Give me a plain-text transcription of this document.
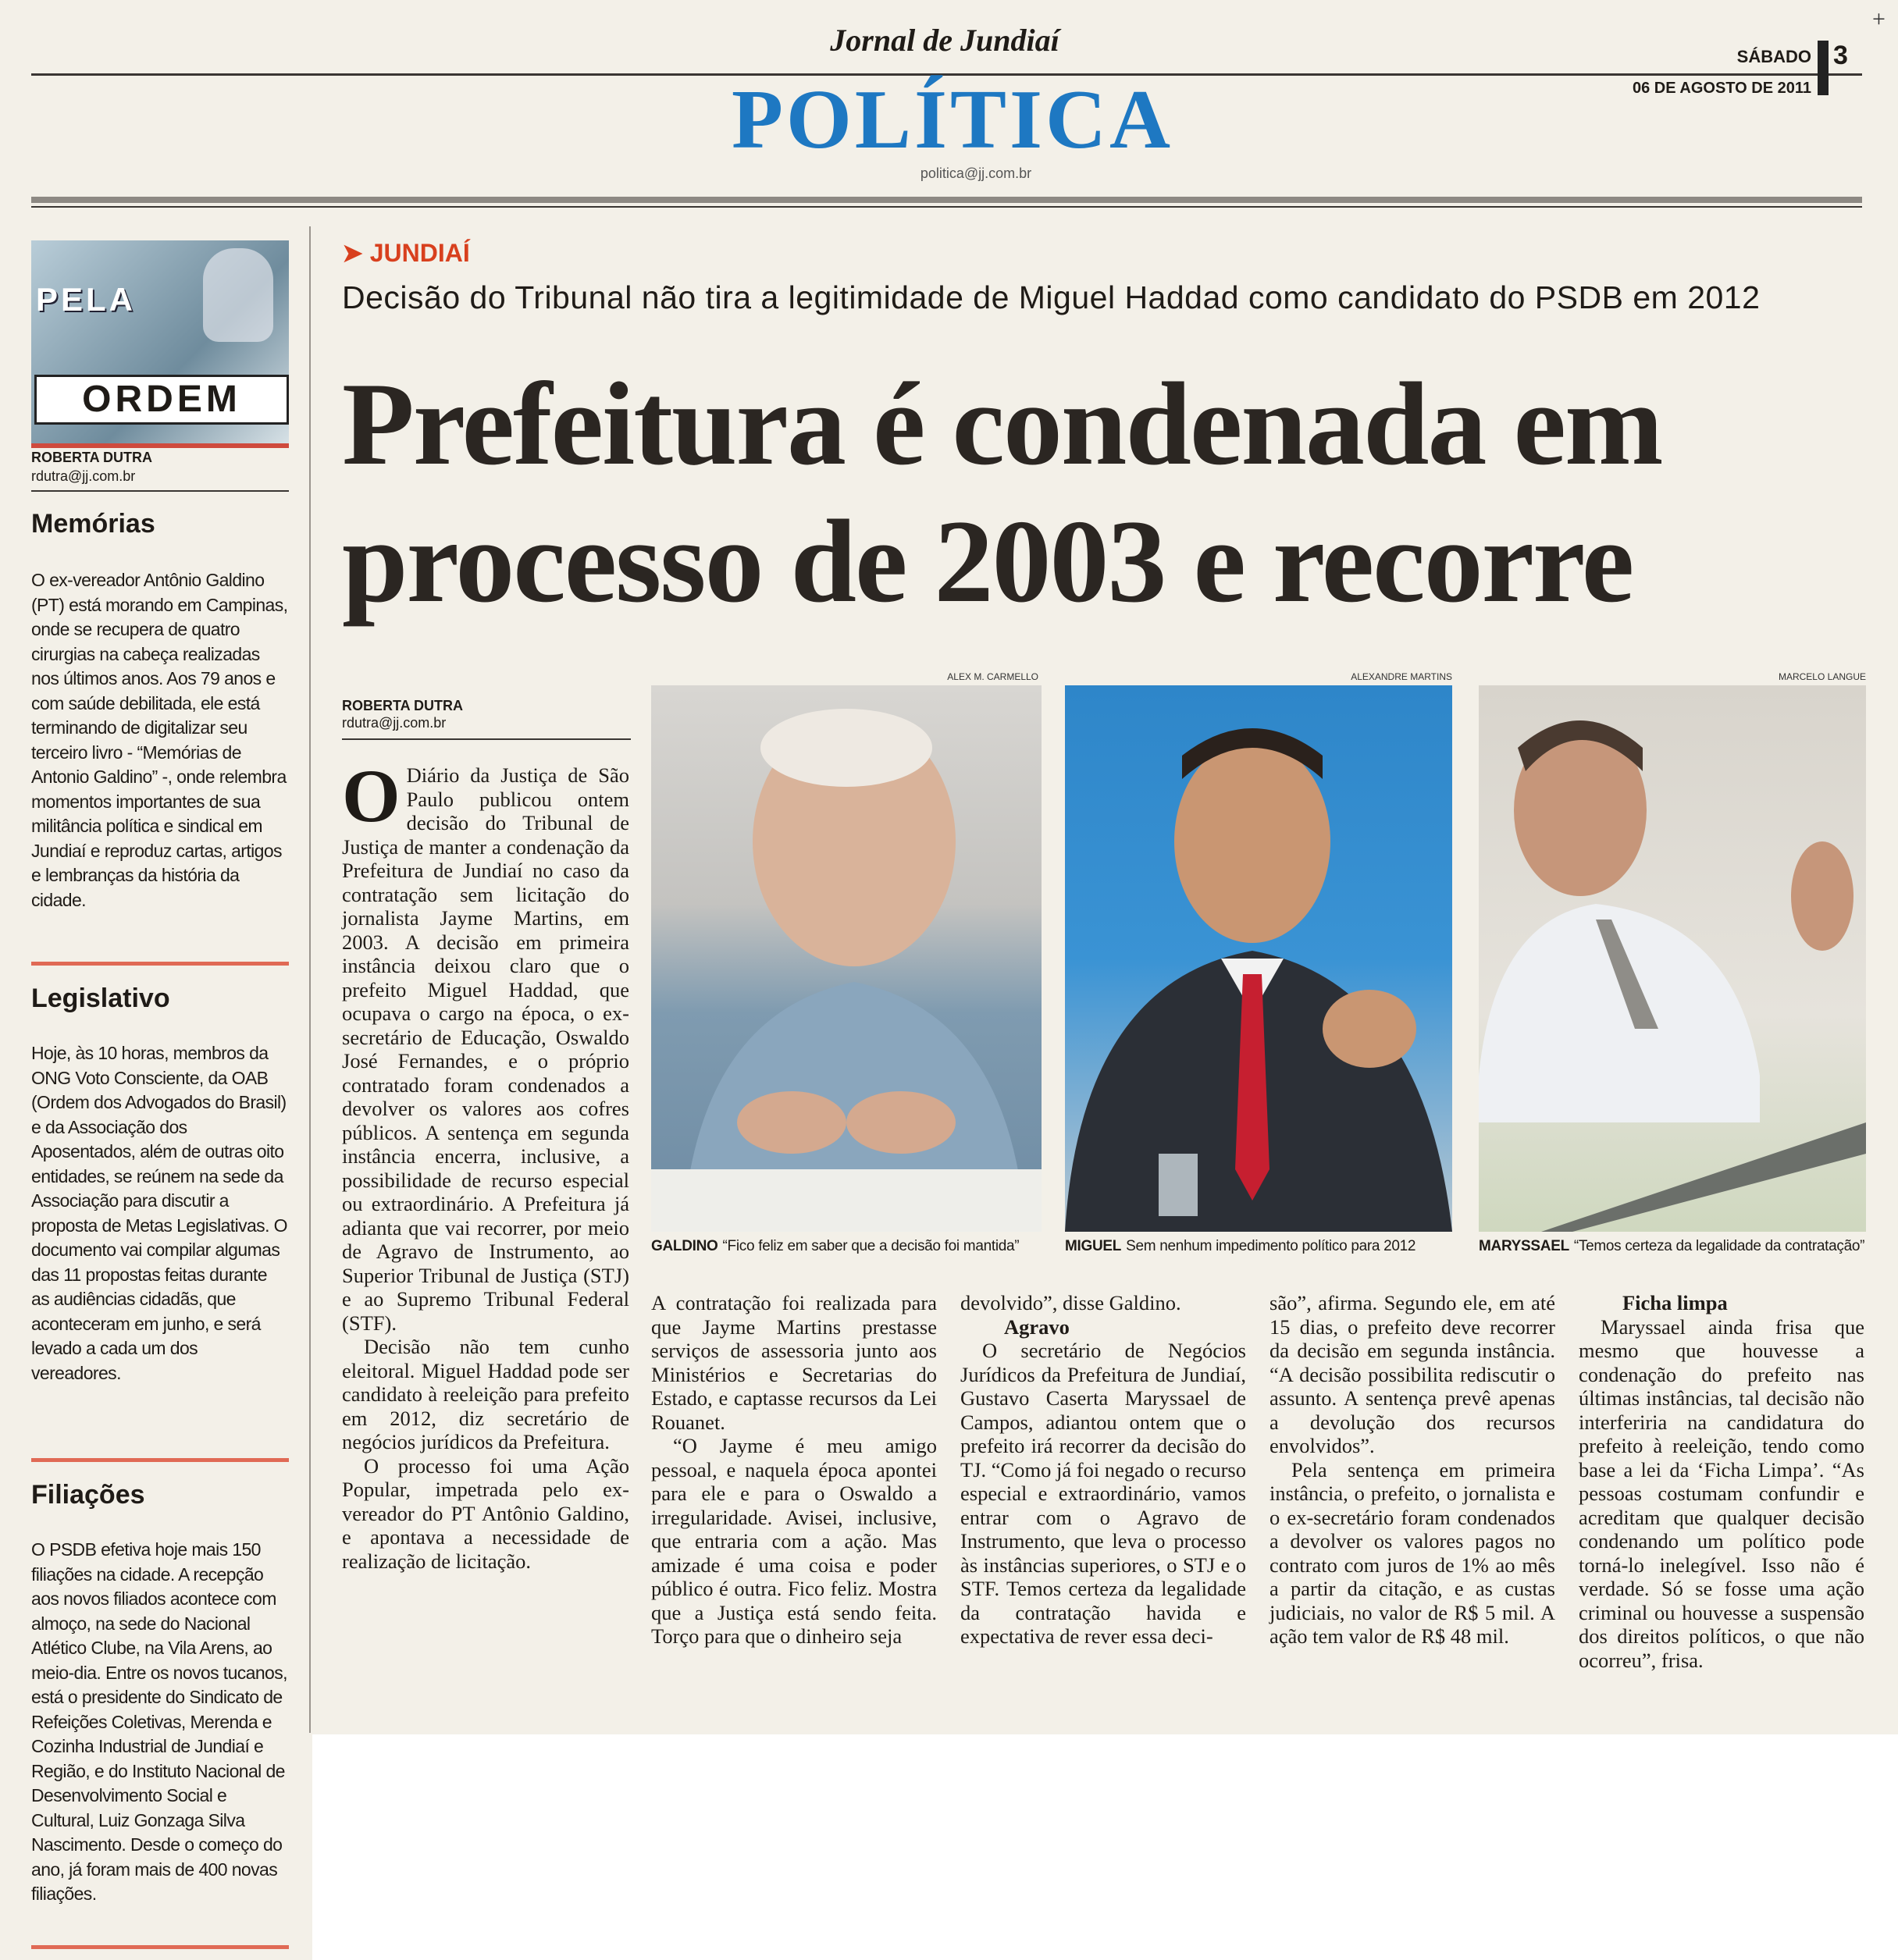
Jornal de Jundiaí
+
POLÍTICA
politica@jj.com.br
SÁBADO 3
06 DE AGOSTO DE 2011
PELA
ORDEM
ROBERTA DUTRA
rdutra@jj.com.br
Memórias
O ex-vereador Antônio Galdino (PT) está morando em Campinas, onde se recupera de quatro cirurgias na cabeça realizadas nos últimos anos. Aos 79 anos e com saúde debilitada, ele está terminando de digitalizar seu terceiro livro - “Memórias de Antonio Galdino” -, onde relembra momentos importantes de sua militância política e sindical em Jundiaí e reproduz cartas, artigos e lembranças da história da cidade.
Legislativo
Hoje, às 10 horas, membros da ONG Voto Consciente, da OAB (Ordem dos Advogados do Brasil) e da Associação dos Aposentados, além de outras oito entidades, se reúnem na sede da Associação para discutir a proposta de Metas Legislativas. O documento vai compilar algumas das 11 propostas feitas durante as audiências cidadãs, que aconteceram em junho, e será levado a cada um dos vereadores.
Filiações
O PSDB efetiva hoje mais 150 filiações na cidade. A recepção aos novos filiados acontece com almoço, na sede do Nacional Atlético Clube, na Vila Arens, ao meio-dia. Entre os novos tucanos, está o presidente do Sindicato de Refeições Coletivas, Merenda e Cozinha Industrial de Jundiaí e Região, e do Instituto Nacional de Desenvolvimento Social e Cultural, Luiz Gonzaga Silva Nascimento. Desde o começo do ano, já foram mais de 400 novas filiações.
➤ JUNDIAÍ
Decisão do Tribunal não tira a legitimidade de Miguel Haddad como candidato do PSDB em 2012
Prefeitura é condenada em processo de 2003 e recorre
ROBERTA DUTRA
rdutra@jj.com.br

O Diário da Justiça de São Paulo publicou ontem decisão do Tribunal de Justiça de manter a condenação da Prefeitura de Jundiaí no caso da contratação sem licitação do jornalista Jayme Martins, em 2003. A decisão em primeira instância deixou claro que o prefeito Miguel Haddad, que ocupava o cargo na época, o ex-secretário de Educação, Oswaldo José Fernandes, e o próprio contratado foram condenados a devolver os valores aos cofres públicos. A sentença em segunda instância encerra, inclusive, a possibilidade de recurso especial ou extraordinário. A Prefeitura já adianta que vai recorrer, por meio de Agravo de Instrumento, ao Superior Tribunal de Justiça (STJ) e ao Supremo Tribunal Federal (STF).

Decisão não tem cunho eleitoral. Miguel Haddad pode ser candidato à reeleição para prefeito em 2012, diz secretário de negócios jurídicos da Prefeitura.

O processo foi uma Ação Popular, impetrada pelo ex-vereador do PT Antônio Galdino, e apontava a necessidade de realização de licitação.

ALEX M. CARMELLO
GALDINO “Fico feliz em saber que a decisão foi mantida”
ALEXANDRE MARTINS
MIGUEL Sem nenhum impedimento político para 2012
MARCELO LANGUE
MARYSSAEL “Temos certeza da legalidade da contratação”

A contratação foi realizada para que Jayme Martins prestasse serviços de assessoria junto aos Ministérios e Secretarias do Estado, e captasse recursos da Lei Rouanet.

“O Jayme é meu amigo pessoal, e naquela época apontei para ele e para o Oswaldo a irregularidade. Avisei, inclusive, que entraria com a ação. Mas amizade é uma coisa e poder público é outra. Fico feliz. Mostra que a Justiça está sendo feita. Torço para que o dinheiro seja

devolvido”, disse Galdino.

Agravo

O secretário de Negócios Jurídicos da Prefeitura de Jundiaí, Gustavo Caserta Maryssael de Campos, adiantou ontem que o prefeito irá recorrer da decisão do TJ. “Como já foi negado o recurso especial e extraordinário, vamos entrar com o Agravo de Instrumento, que leva o processo às instâncias superiores, o STJ e o STF. Temos certeza da legalidade da contratação havida e expectativa de rever essa deci-

são”, afirma. Segundo ele, em até 15 dias, o prefeito deve recorrer da decisão em segunda instância. “A decisão possibilita rediscutir o assunto. A sentença prevê apenas a devolução dos recursos envolvidos”.

Pela sentença em primeira instância, o prefeito, o jornalista e o ex-secretário foram condenados a devolver os valores pagos no contrato com juros de 1% ao mês a partir da citação, e as custas judiciais, no valor de R$ 5 mil. A ação tem valor de R$ 48 mil.

Ficha limpa

Maryssael ainda frisa que mesmo que houvesse a condenação do prefeito nas últimas instâncias, tal decisão não interferiria na candidatura do prefeito à reeleição, tendo como base a lei da ‘Ficha Limpa’. “As pessoas costumam confundir e acreditam que qualquer decisão condenando um político pode torná-lo inelegível. Isso não é verdade. Só se fosse uma ação criminal ou houvesse a suspensão dos direitos políticos, o que não ocorreu”, frisa.
